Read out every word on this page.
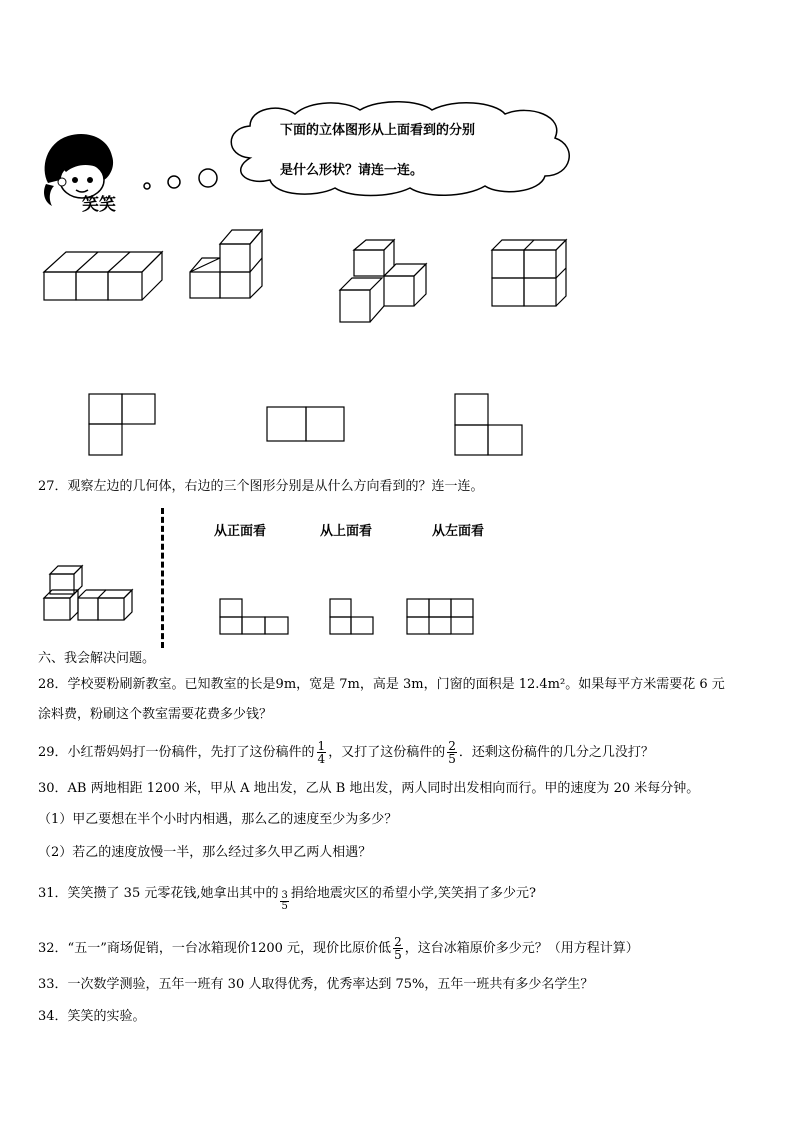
笑笑
下面的立体图形从上面看到的分别
是什么形状？请连一连。
27．观察左边的几何体，右边的三个图形分别是从什么方向看到的？连一连。
从正面看	从上面看	从左面看
六、我会解决问题。
28．学校要粉刷新教室。已知教室的长是9m，宽是 7m，高是 3m，门窗的面积是 12.4m²。如果每平方米需要花 6 元
涂料费，粉刷这个教室需要花费多少钱？
29．小红帮妈妈打一份稿件，先打了这份稿件的 $\frac{1}{4}$ ，又打了这份稿件的 $\frac{2}{5}$ ．还剩这份稿件的几分之几没打？
30．AB 两地相距 1200 米，甲从 A 地出发，乙从 B 地出发，两人同时出发相向而行。甲的速度为 20 米每分钟。
（1）甲乙要想在半个小时内相遇，那么乙的速度至少为多少？
（2）若乙的速度放慢一半，那么经过多久甲乙两人相遇？
31．笑笑攒了 35 元零花钱,她拿出其中的 $\frac{3}{5}$ 捐给地震灾区的希望小学,笑笑捐了多少元?
32．“五一”商场促销，一台冰箱现价1200 元，现价比原价低 $\frac{2}{5}$ ，这台冰箱原价多少元？（用方程计算）
33．一次数学测验，五年一班有 30 人取得优秀，优秀率达到 75%，五年一班共有多少名学生？
34．笑笑的实验。
